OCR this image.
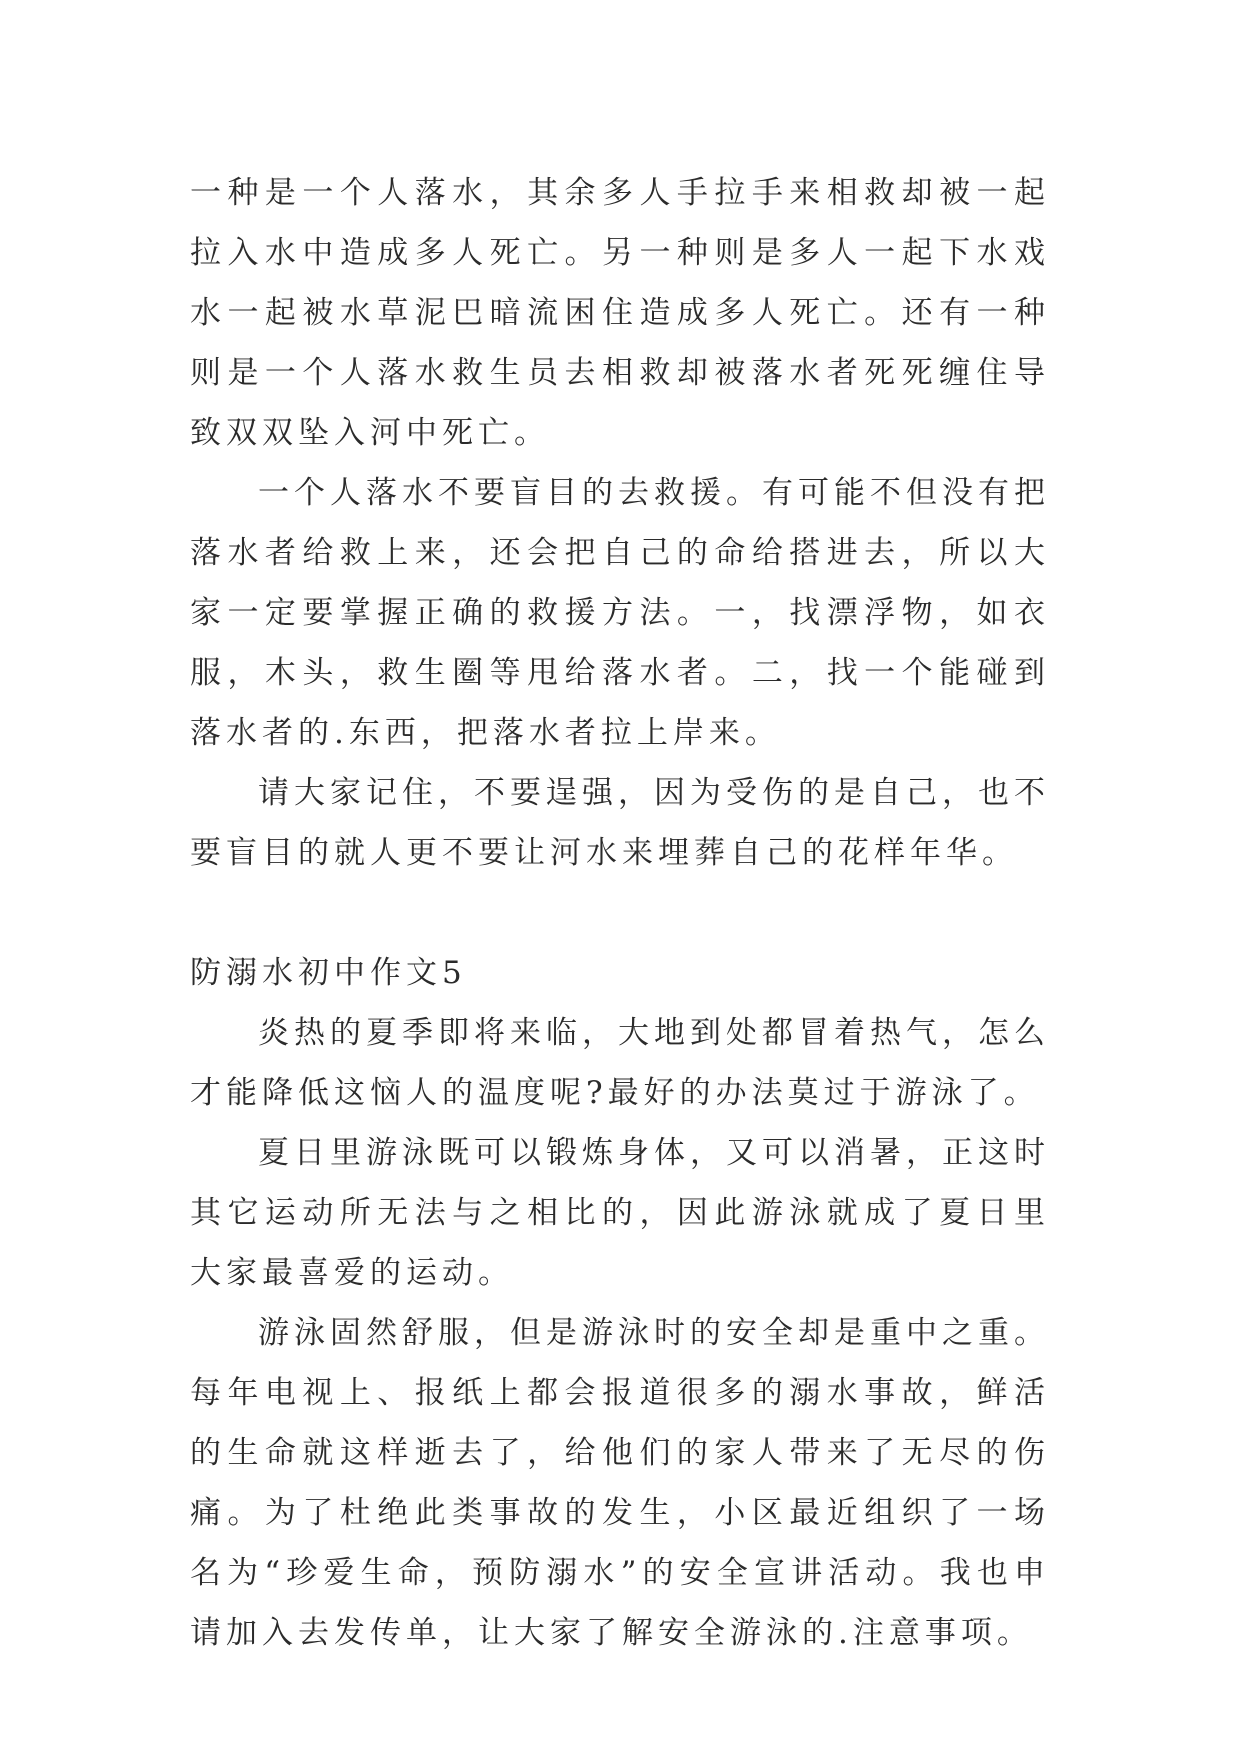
一种是一个人落水，其余多人手拉手来相救却被一起拉入水中造成多人死亡。另一种则是多人一起下水戏水一起被水草泥巴暗流困住造成多人死亡。还有一种则是一个人落水救生员去相救却被落水者死死缠住导致双双坠入河中死亡。

一个人落水不要盲目的去救援。有可能不但没有把落水者给救上来，还会把自己的命给搭进去，所以大家一定要掌握正确的救援方法。一，找漂浮物，如衣服，木头，救生圈等甩给落水者。二，找一个能碰到落水者的.东西，把落水者拉上岸来。

请大家记住，不要逞强，因为受伤的是自己，也不要盲目的就人更不要让河水来埋葬自己的花样年华。

防溺水初中作文5

炎热的夏季即将来临，大地到处都冒着热气，怎么才能降低这恼人的温度呢?最好的办法莫过于游泳了。

夏日里游泳既可以锻炼身体，又可以消暑，正这时其它运动所无法与之相比的，因此游泳就成了夏日里大家最喜爱的运动。

游泳固然舒服，但是游泳时的安全却是重中之重。每年电视上、报纸上都会报道很多的溺水事故，鲜活的生命就这样逝去了，给他们的家人带来了无尽的伤痛。为了杜绝此类事故的发生，小区最近组织了一场名为“珍爱生命，预防溺水”的安全宣讲活动。我也申请加入去发传单，让大家了解安全游泳的.注意事项。
